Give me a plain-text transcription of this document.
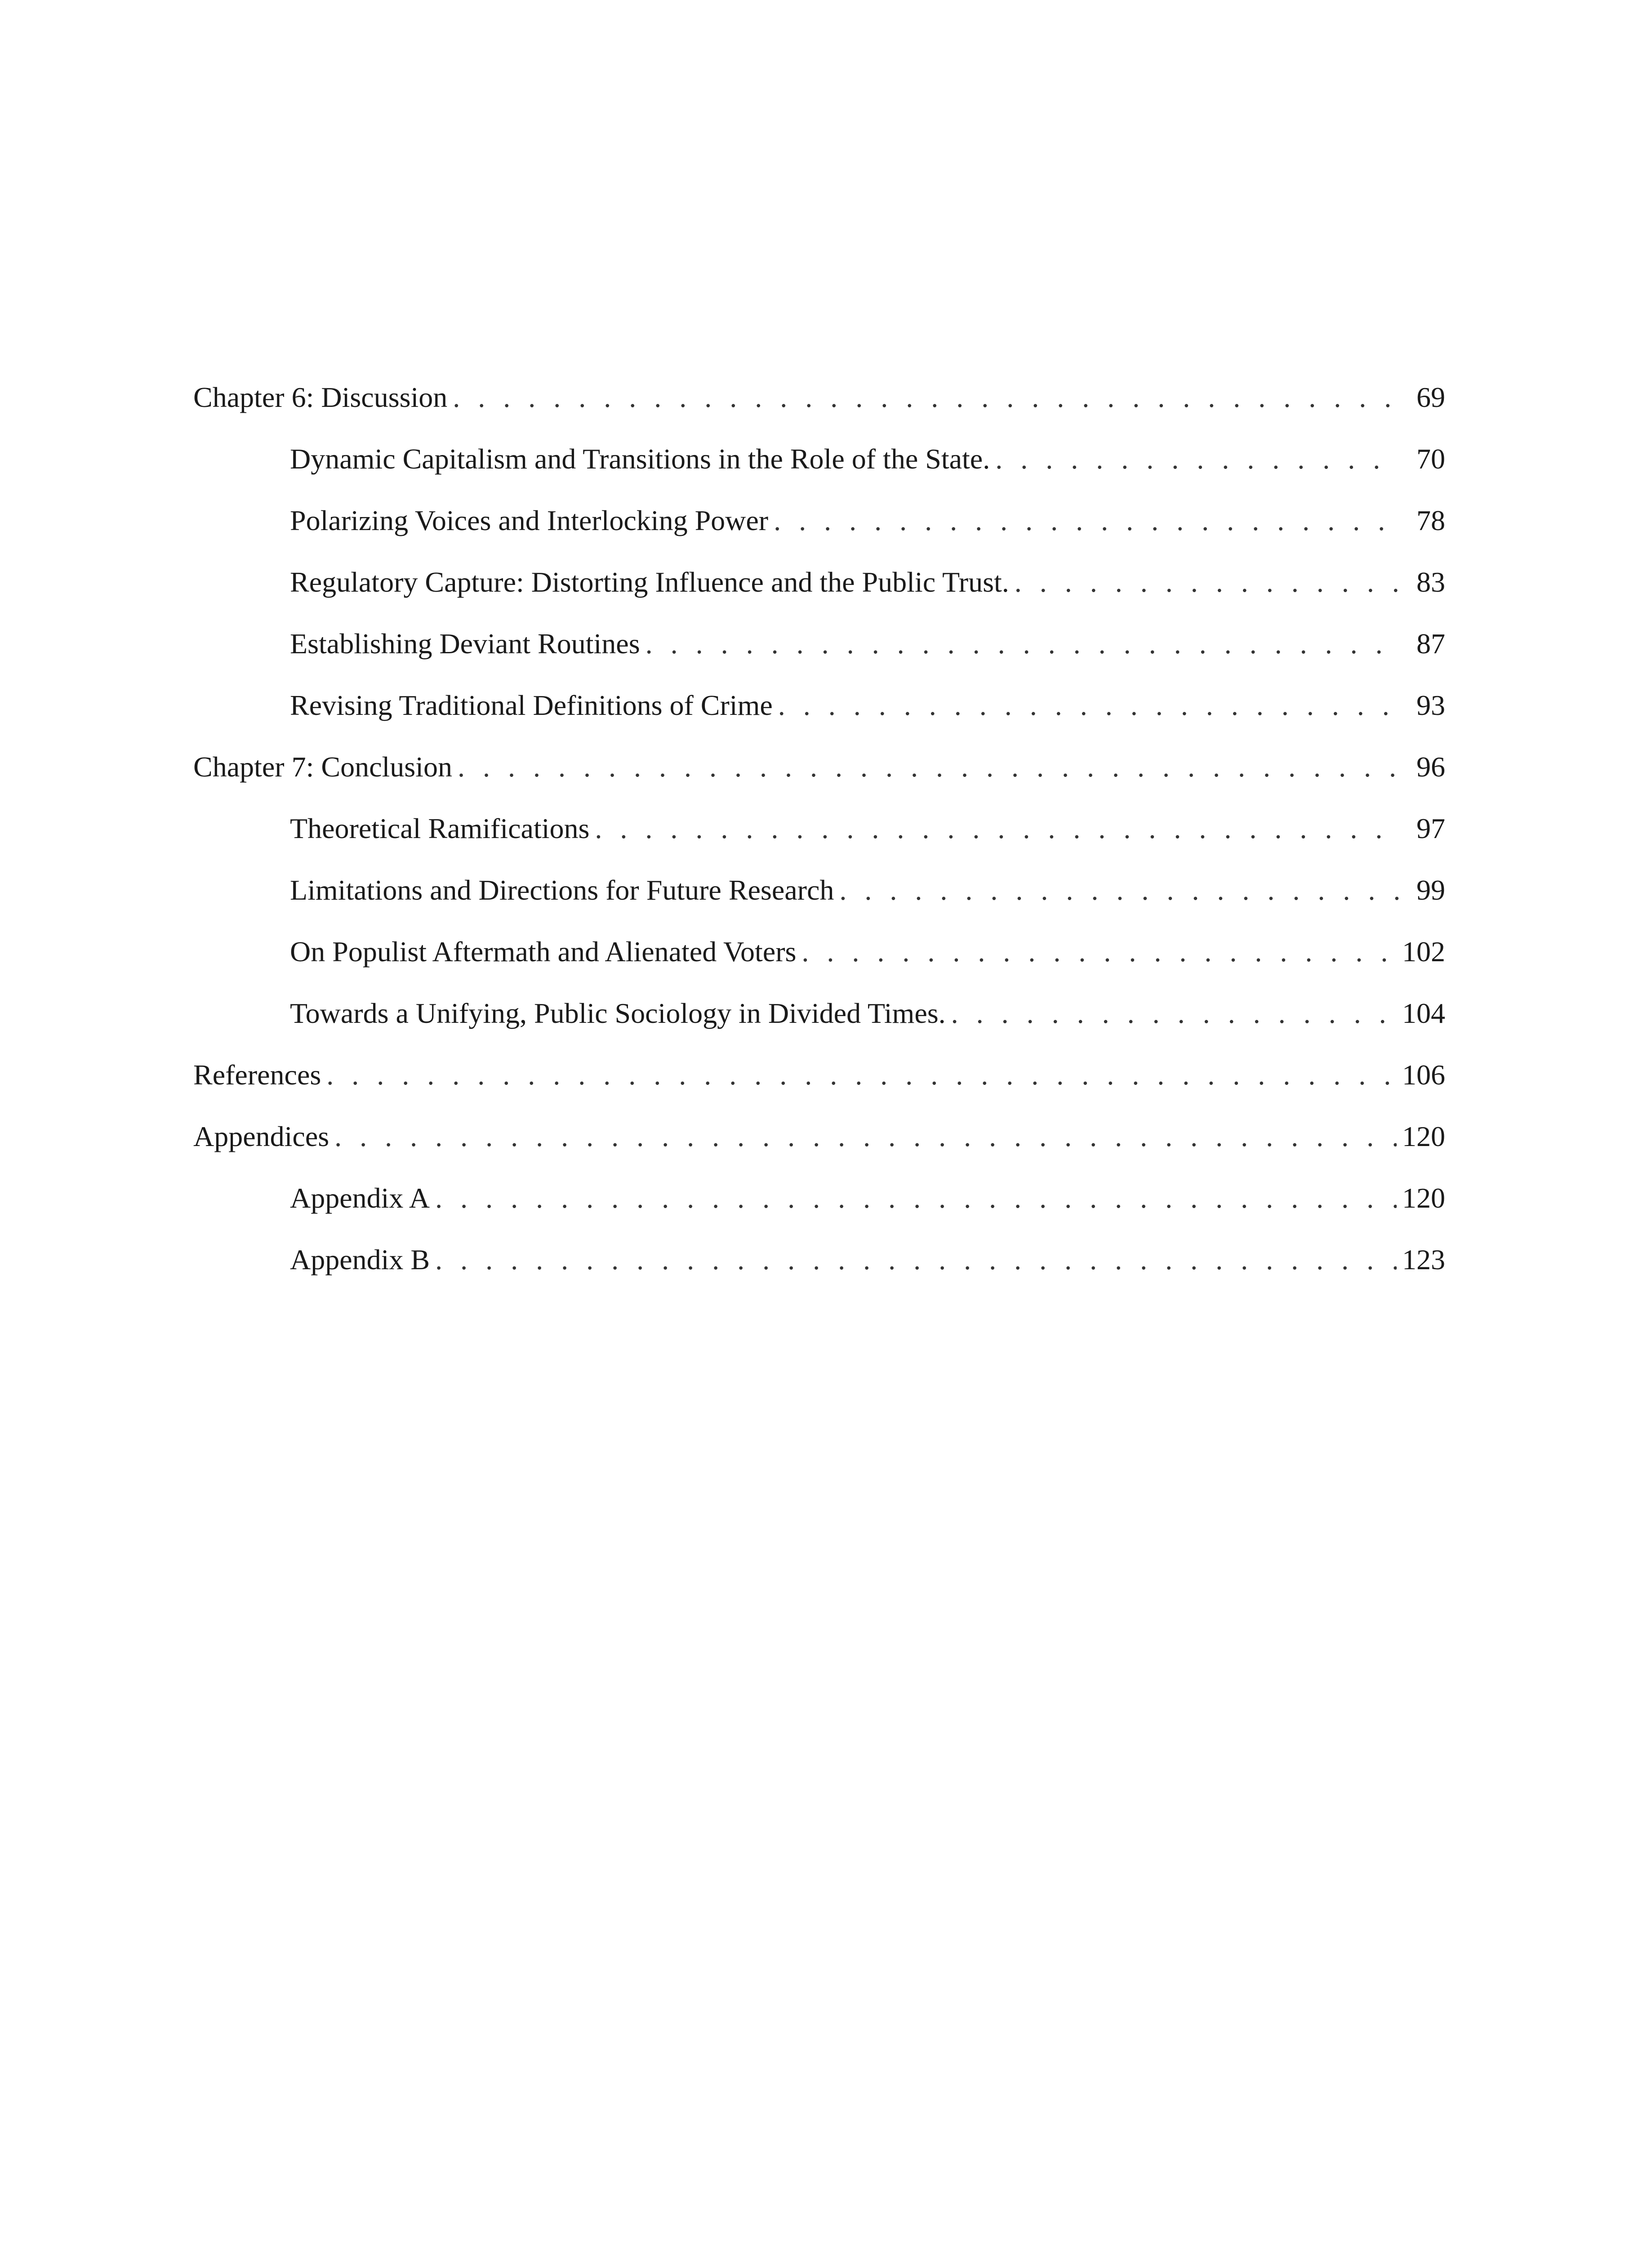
Chapter 6: Discussion . . .	69
Dynamic Capitalism and Transitions in the Role of the State. . . .	70
Polarizing Voices and Interlocking Power . . .	78
Regulatory Capture: Distorting Influence and the Public Trust. . . .	83
Establishing Deviant Routines . . .	87
Revising Traditional Definitions of Crime . . .	93
Chapter 7: Conclusion . . .	96
Theoretical Ramifications . . .	97
Limitations and Directions for Future Research . . .	99
On Populist Aftermath and Alienated Voters . . .	102
Towards a Unifying, Public Sociology in Divided Times. . . .	104
References . . .	106
Appendices . . .	120
Appendix A . . .	120
Appendix B . . .	123
